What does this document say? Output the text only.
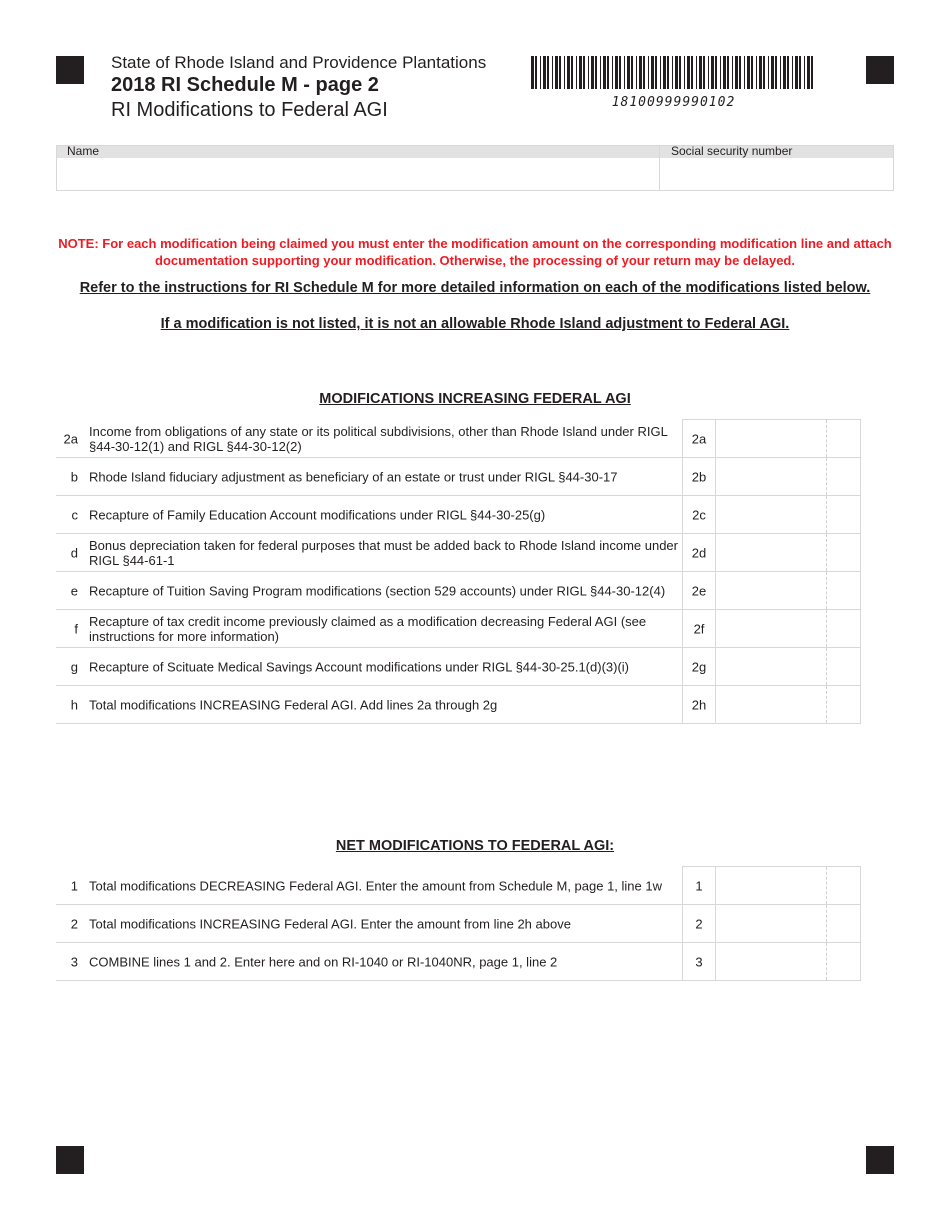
State of Rhode Island and Providence Plantations
2018 RI Schedule M - page 2
RI Modifications to Federal AGI	18100999990102
Name	Social security number
NOTE: For each modification being claimed you must enter the modification amount on the corresponding modification line and attach documentation supporting your modification. Otherwise, the processing of your return may be delayed.
Refer to the instructions for RI Schedule M for more detailed information on each of the modifications listed below.
If a modification is not listed, it is not an allowable Rhode Island adjustment to Federal AGI.
MODIFICATIONS INCREASING FEDERAL AGI
2a Income from obligations of any state or its political subdivisions, other than Rhode Island under RIGL §44-30-12(1) and RIGL §44-30-12(2)	2a
b Rhode Island fiduciary adjustment as beneficiary of an estate or trust under RIGL §44-30-17	2b
c Recapture of Family Education Account modifications under RIGL §44-30-25(g)	2c
d Bonus depreciation taken for federal purposes that must be added back to Rhode Island income under RIGL §44-61-1	2d
e Recapture of Tuition Saving Program modifications (section 529 accounts) under RIGL §44-30-12(4)	2e
f Recapture of tax credit income previously claimed as a modification decreasing Federal AGI (see instructions for more information)	2f
g Recapture of Scituate Medical Savings Account modifications under RIGL §44-30-25.1(d)(3)(i)	2g
h Total modifications INCREASING Federal AGI. Add lines 2a through 2g	2h
NET MODIFICATIONS TO FEDERAL AGI:
1 Total modifications DECREASING Federal AGI. Enter the amount from Schedule M, page 1, line 1w	1
2 Total modifications INCREASING Federal AGI. Enter the amount from line 2h above	2
3 COMBINE lines 1 and 2. Enter here and on RI-1040 or RI-1040NR, page 1, line 2	3
